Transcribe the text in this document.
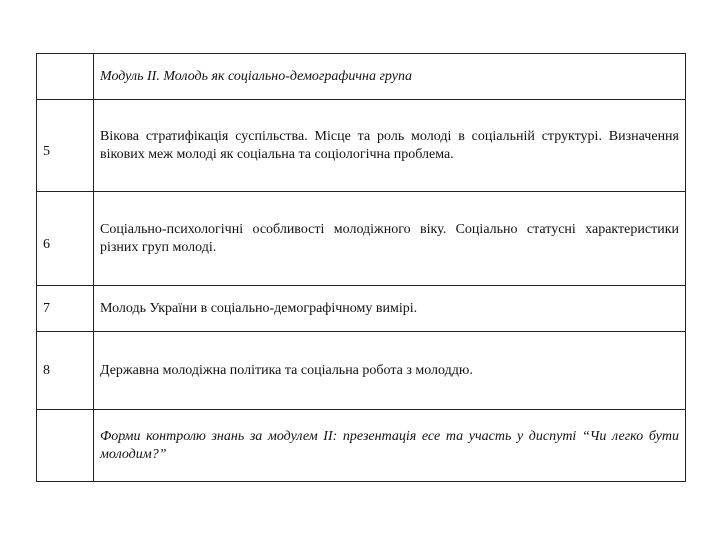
	Модуль ІІ. Молодь як соціально-демографична група
5	Вікова стратифікація суспільства. Місце та роль молоді в соціальній структурі. Визначення вікових меж молоді як соціальна та соціологічна проблема.
6	Соціально-психологічні особливості молодіжного віку. Соціально статусні характеристики різних груп молоді.
7	Молодь України в соціально-демографічному вимірі.
8	Державна молодіжна політика та соціальна робота з молоддю.
	Форми контролю знань за модулем ІІ: презентація есе та участь у диспуті “Чи легко бути молодим?”
